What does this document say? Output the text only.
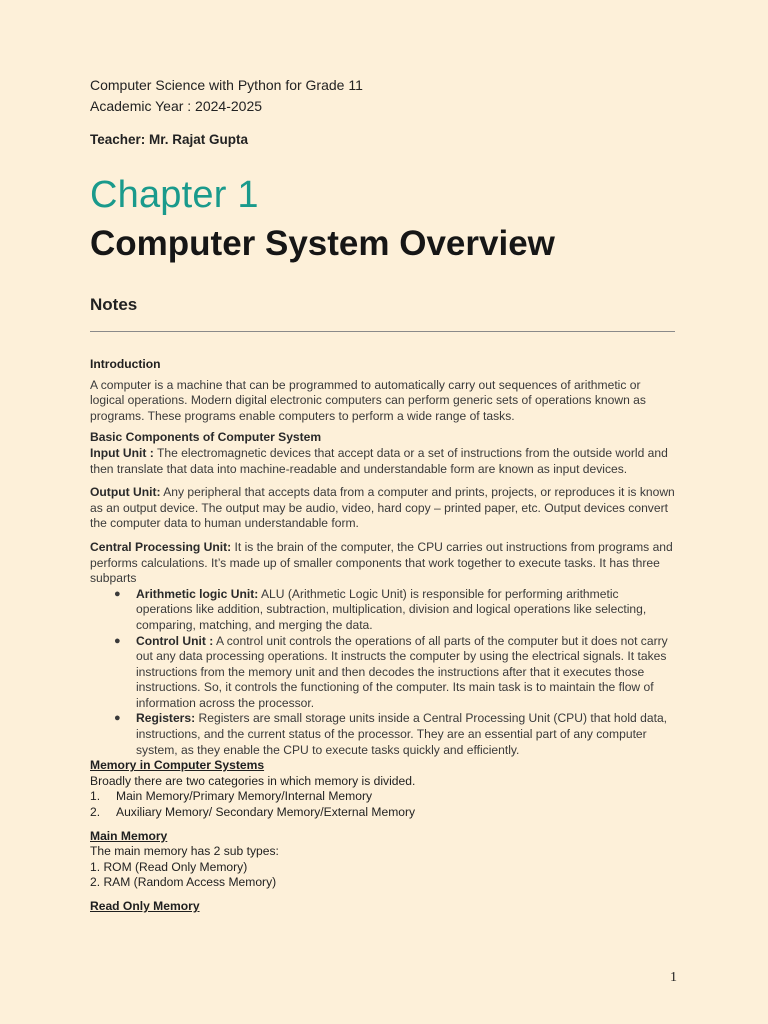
Computer Science with Python for Grade 11
Academic Year : 2024-2025
Teacher: Mr. Rajat Gupta
Chapter 1
Computer System Overview
Notes
Introduction

A computer is a machine that can be programmed to automatically carry out sequences of arithmetic or logical operations. Modern digital electronic computers can perform generic sets of operations known as programs. These programs enable computers to perform a wide range of tasks.

Basic Components of Computer System

Input Unit : The electromagnetic devices that accept data or a set of instructions from the outside world and then translate that data into machine-readable and understandable form are known as input devices.

Output Unit: Any peripheral that accepts data from a computer and prints, projects, or reproduces it is known as an output device. The output may be audio, video, hard copy – printed paper, etc. Output devices convert the computer data to human understandable form.

Central Processing Unit: It is the brain of the computer, the CPU carries out instructions from programs and performs calculations. It’s made up of smaller components that work together to execute tasks. It has three subparts

● Arithmetic logic Unit: ALU (Arithmetic Logic Unit) is responsible for performing arithmetic operations like addition, subtraction, multiplication, division and logical operations like selecting, comparing, matching, and merging the data.
● Control Unit : A control unit controls the operations of all parts of the computer but it does not carry out any data processing operations. It instructs the computer by using the electrical signals. It takes instructions from the memory unit and then decodes the instructions after that it executes those instructions. So, it controls the functioning of the computer. Its main task is to maintain the flow of information across the processor.
● Registers: Registers are small storage units inside a Central Processing Unit (CPU) that hold data, instructions, and the current status of the processor. They are an essential part of any computer system, as they enable the CPU to execute tasks quickly and efficiently.
Memory in Computer Systems
Broadly there are two categories in which memory is divided.
1.	Main Memory/Primary Memory/Internal Memory
2.	Auxiliary Memory/ Secondary Memory/External Memory
Main Memory
The main memory has 2 sub types:
1. ROM (Read Only Memory)
2. RAM (Random Access Memory)
Read Only Memory
1
